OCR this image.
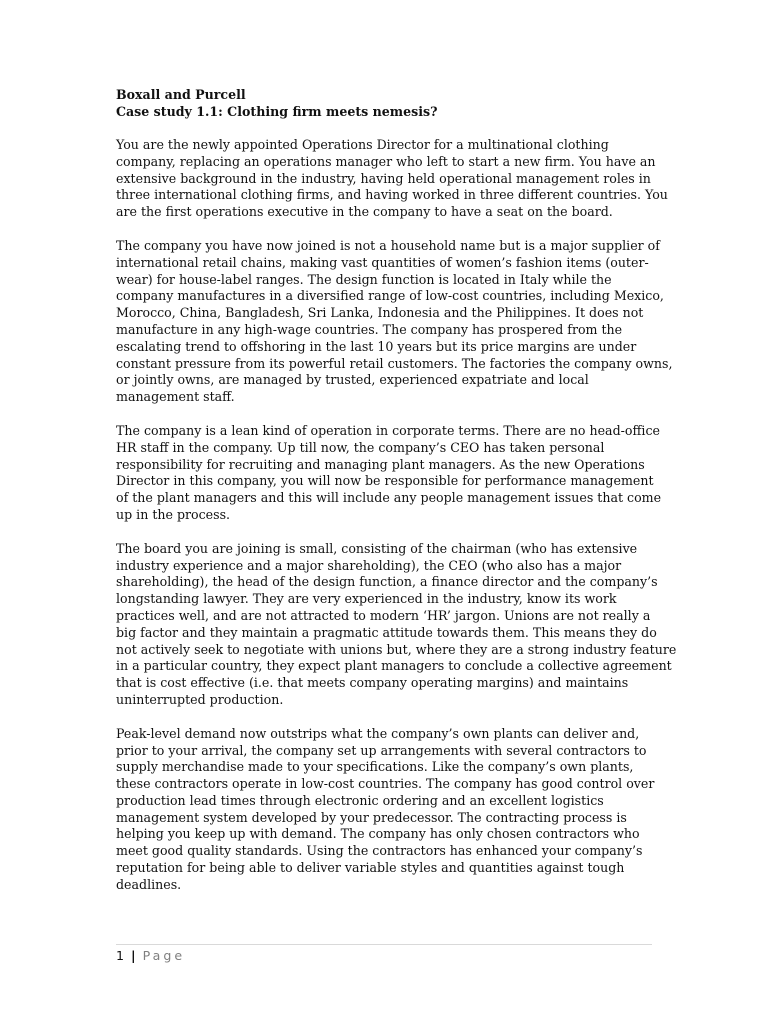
Boxall and Purcell

Case study 1.1: Clothing firm meets nemesis?

You are the newly appointed Operations Director for a multinational clothing
company, replacing an operations manager who left to start a new firm. You have an
extensive background in the industry, having held operational management roles in
three international clothing firms, and having worked in three different countries. You
are the first operations executive in the company to have a seat on the board.

The company you have now joined is not a household name but is a major supplier of
international retail chains, making vast quantities of women’s fashion items (outer-
wear) for house-label ranges. The design function is located in Italy while the
company manufactures in a diversified range of low-cost countries, including Mexico,
Morocco, China, Bangladesh, Sri Lanka, Indonesia and the Philippines. It does not
manufacture in any high-wage countries. The company has prospered from the
escalating trend to offshoring in the last 10 years but its price margins are under
constant pressure from its powerful retail customers. The factories the company owns,
or jointly owns, are managed by trusted, experienced expatriate and local
management staff.

The company is a lean kind of operation in corporate terms. There are no head-office
HR staff in the company. Up till now, the company’s CEO has taken personal
responsibility for recruiting and managing plant managers. As the new Operations
Director in this company, you will now be responsible for performance management
of the plant managers and this will include any people management issues that come
up in the process.

The board you are joining is small, consisting of the chairman (who has extensive
industry experience and a major shareholding), the CEO (who also has a major
shareholding), the head of the design function, a finance director and the company’s
longstanding lawyer. They are very experienced in the industry, know its work
practices well, and are not attracted to modern ‘HR’ jargon. Unions are not really a
big factor and they maintain a pragmatic attitude towards them. This means they do
not actively seek to negotiate with unions but, where they are a strong industry feature
in a particular country, they expect plant managers to conclude a collective agreement
that is cost effective (i.e. that meets company operating margins) and maintains
uninterrupted production.

Peak-level demand now outstrips what the company’s own plants can deliver and,
prior to your arrival, the company set up arrangements with several contractors to
supply merchandise made to your specifications. Like the company’s own plants,
these contractors operate in low-cost countries. The company has good control over
production lead times through electronic ordering and an excellent logistics
management system developed by your predecessor. The contracting process is
helping you keep up with demand. The company has only chosen contractors who
meet good quality standards. Using the contractors has enhanced your company’s
reputation for being able to deliver variable styles and quantities against tough
deadlines.

1 | Page
